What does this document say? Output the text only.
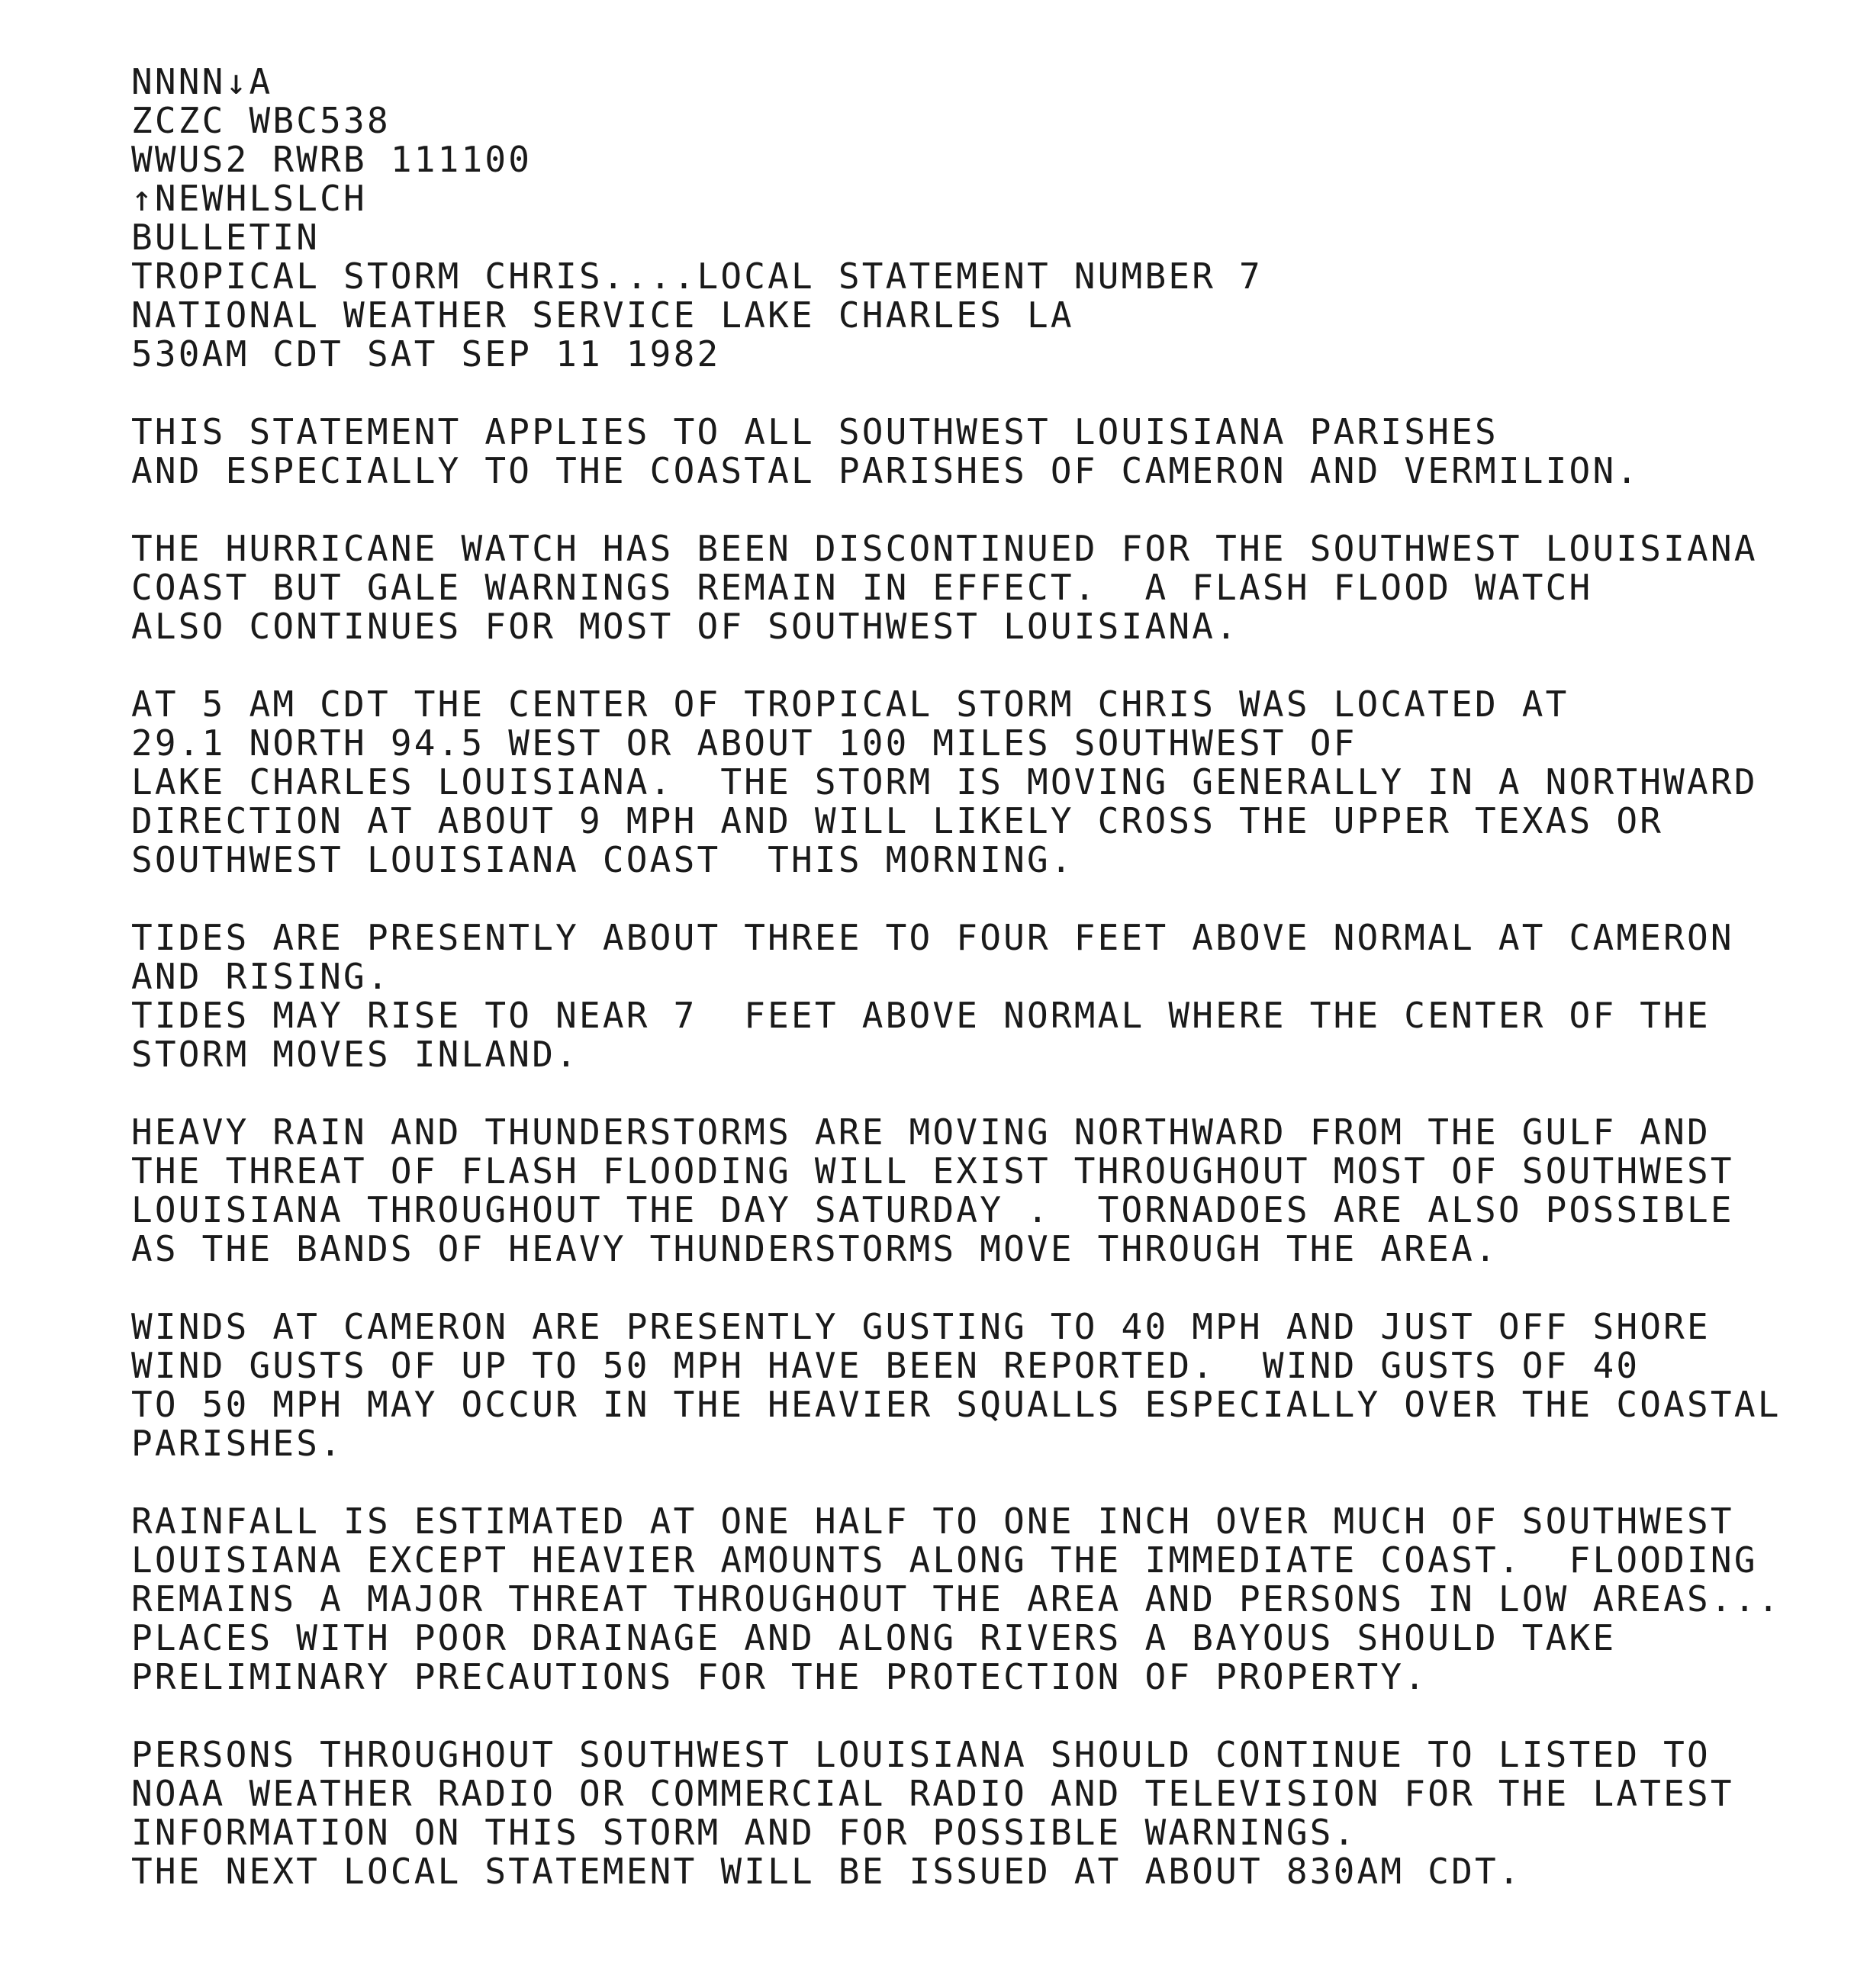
NNNN↓A
ZCZC WBC538
WWUS2 RWRB 111100
↑NEWHLSLCH
BULLETIN
TROPICAL STORM CHRIS....LOCAL STATEMENT NUMBER 7
NATIONAL WEATHER SERVICE LAKE CHARLES LA
530AM CDT SAT SEP 11 1982
THIS STATEMENT APPLIES TO ALL SOUTHWEST LOUISIANA PARISHES
AND ESPECIALLY TO THE COASTAL PARISHES OF CAMERON AND VERMILION.
THE HURRICANE WATCH HAS BEEN DISCONTINUED FOR THE SOUTHWEST LOUISIANA
COAST BUT GALE WARNINGS REMAIN IN EFFECT.  A FLASH FLOOD WATCH
ALSO CONTINUES FOR MOST OF SOUTHWEST LOUISIANA.
AT 5 AM CDT THE CENTER OF TROPICAL STORM CHRIS WAS LOCATED AT
29.1 NORTH 94.5 WEST OR ABOUT 100 MILES SOUTHWEST OF
LAKE CHARLES LOUISIANA.  THE STORM IS MOVING GENERALLY IN A NORTHWARD
DIRECTION AT ABOUT 9 MPH AND WILL LIKELY CROSS THE UPPER TEXAS OR
SOUTHWEST LOUISIANA COAST  THIS MORNING.
TIDES ARE PRESENTLY ABOUT THREE TO FOUR FEET ABOVE NORMAL AT CAMERON
AND RISING.
TIDES MAY RISE TO NEAR 7  FEET ABOVE NORMAL WHERE THE CENTER OF THE
STORM MOVES INLAND.
HEAVY RAIN AND THUNDERSTORMS ARE MOVING NORTHWARD FROM THE GULF AND
THE THREAT OF FLASH FLOODING WILL EXIST THROUGHOUT MOST OF SOUTHWEST
LOUISIANA THROUGHOUT THE DAY SATURDAY .  TORNADOES ARE ALSO POSSIBLE
AS THE BANDS OF HEAVY THUNDERSTORMS MOVE THROUGH THE AREA.
WINDS AT CAMERON ARE PRESENTLY GUSTING TO 40 MPH AND JUST OFF SHORE
WIND GUSTS OF UP TO 50 MPH HAVE BEEN REPORTED.  WIND GUSTS OF 40
TO 50 MPH MAY OCCUR IN THE HEAVIER SQUALLS ESPECIALLY OVER THE COASTAL
PARISHES.
RAINFALL IS ESTIMATED AT ONE HALF TO ONE INCH OVER MUCH OF SOUTHWEST
LOUISIANA EXCEPT HEAVIER AMOUNTS ALONG THE IMMEDIATE COAST.  FLOODING
REMAINS A MAJOR THREAT THROUGHOUT THE AREA AND PERSONS IN LOW AREAS...
PLACES WITH POOR DRAINAGE AND ALONG RIVERS A BAYOUS SHOULD TAKE
PRELIMINARY PRECAUTIONS FOR THE PROTECTION OF PROPERTY.
PERSONS THROUGHOUT SOUTHWEST LOUISIANA SHOULD CONTINUE TO LISTED TO
NOAA WEATHER RADIO OR COMMERCIAL RADIO AND TELEVISION FOR THE LATEST
INFORMATION ON THIS STORM AND FOR POSSIBLE WARNINGS.
THE NEXT LOCAL STATEMENT WILL BE ISSUED AT ABOUT 830AM CDT.
